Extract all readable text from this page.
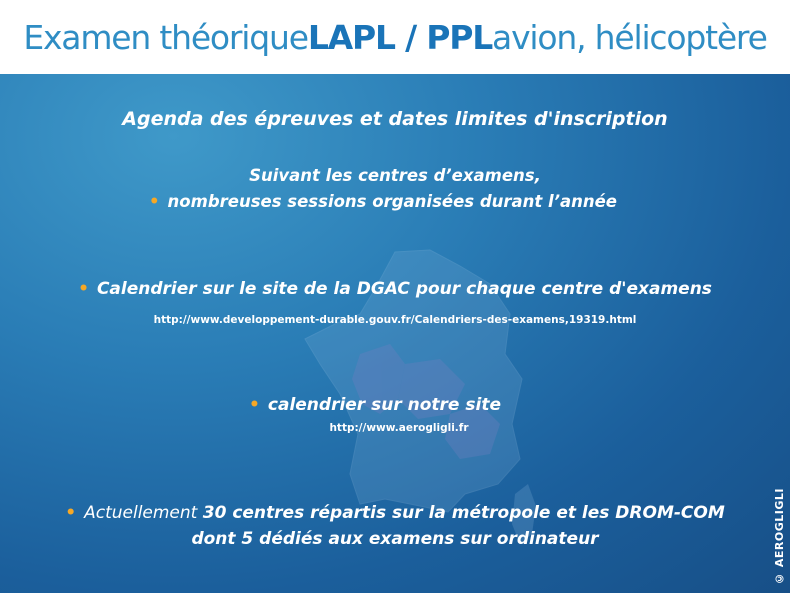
Examen théorique LAPL / PPL avion, hélicoptère
Agenda des épreuves et dates limites d'inscription
Suivant les centres d’examens,
• nombreuses sessions organisées durant l’année
• Calendrier sur le site de la DGAC pour chaque centre d'examens
http://www.developpement-durable.gouv.fr/Calendriers-des-examens,19319.html
• calendrier sur notre site
http://www.aerogligli.fr
• Actuellement 30 centres répartis sur la métropole et les DROM-COM
dont 5 dédiés aux examens sur ordinateur	© AEROGLIGLI
